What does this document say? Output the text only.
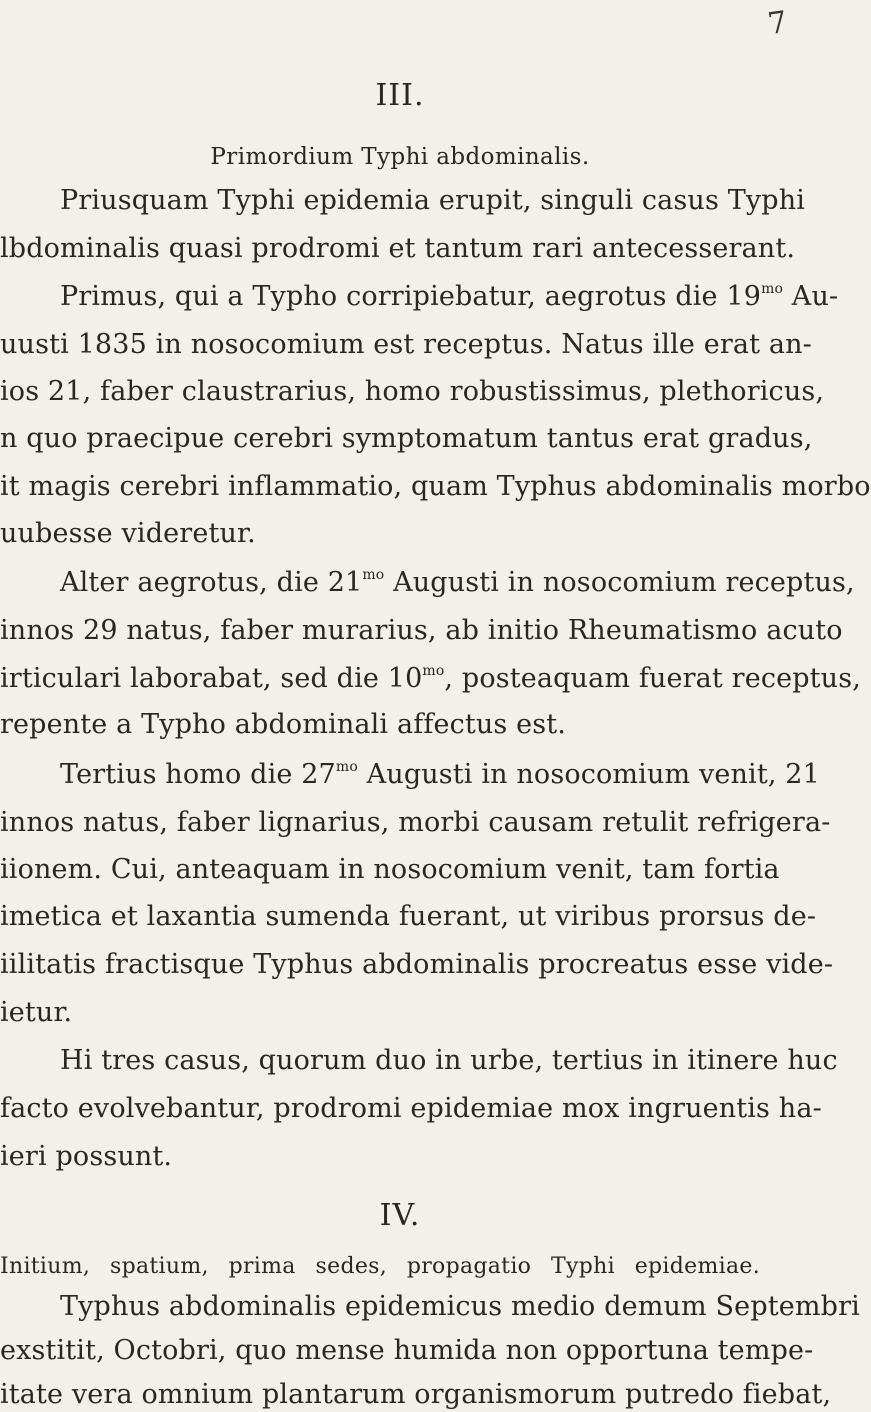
7
III.
Primordium Typhi abdominalis.
Priusquam Typhi epidemia erupit, singuli casus Typhi
lbdominalis quasi prodromi et tantum rari antecesserant.
Primus, qui a Typho corripiebatur, aegrotus die $19^{mo}$ Au-
uusti 1835 in nosocomium est receptus. Natus ille erat an-
ios 21, faber claustrarius, homo robustissimus, plethoricus,
n quo praecipue cerebri symptomatum tantus erat gradus,
it magis cerebri inflammatio, quam Typhus abdominalis morbo
uubesse videretur.
Alter aegrotus, die $21^{mo}$ Augusti in nosocomium receptus,
innos 29 natus, faber murarius, ab initio Rheumatismo acuto
irticulari laborabat, sed die $10^{mo}$, posteaquam fuerat receptus,
repente a Typho abdominali affectus est.
Tertius homo die $27^{mo}$ Augusti in nosocomium venit, 21
innos natus, faber lignarius, morbi causam retulit refrigera-
iionem. Cui, anteaquam in nosocomium venit, tam fortia
imetica et laxantia sumenda fuerant, ut viribus prorsus de-
iilitatis fractisque Typhus abdominalis procreatus esse vide-
ietur.
Hi tres casus, quorum duo in urbe, tertius in itinere huc
facto evolvebantur, prodromi epidemiae mox ingruentis ha-
ieri possunt.
IV.
Initium, spatium, prima sedes, propagatio Typhi epidemiae.
Typhus abdominalis epidemicus medio demum Septembri
exstitit, Octobri, quo mense humida non opportuna tempe-
itate vera omnium plantarum organismorum putredo fiebat,
